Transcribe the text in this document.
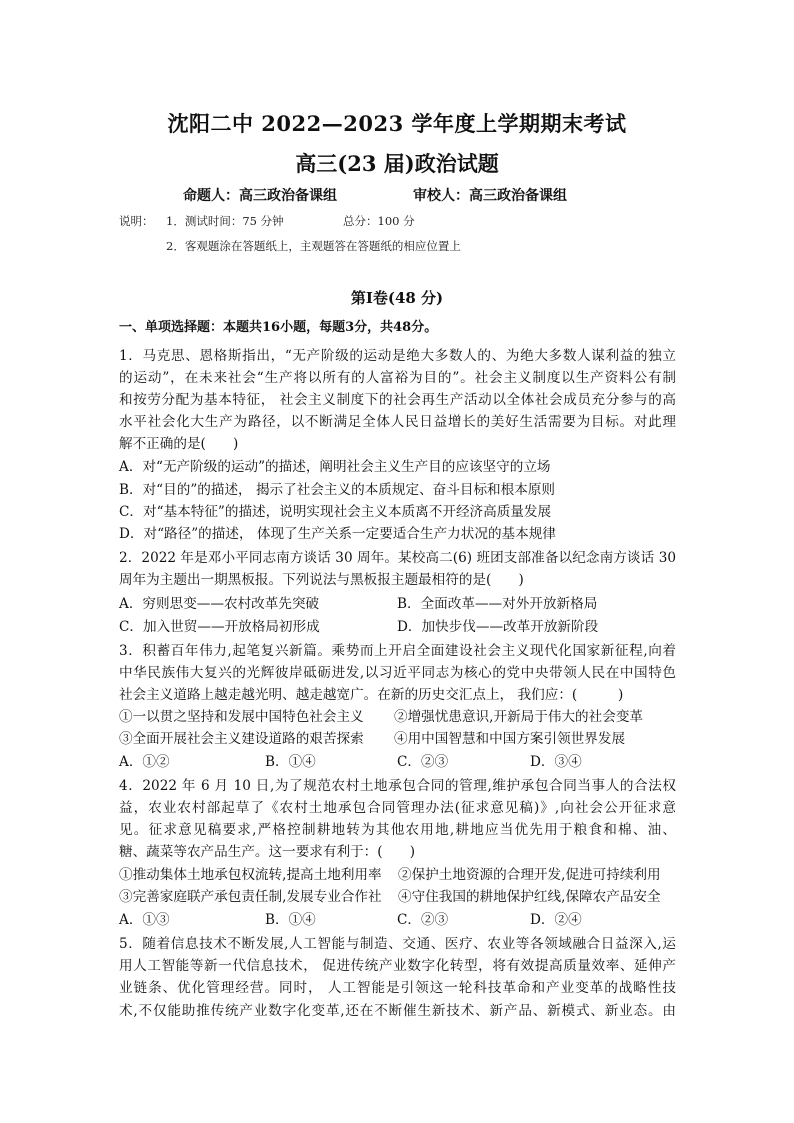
沈阳二中 2022—2023 学年度上学期期末考试
高三(23 届)政治试题
命题人：高三政治备课组	审校人：高三政治备课组
说明： 1．测试时间：75 分钟	总分：100 分
2．客观题涂在答题纸上，主观题答在答题纸的相应位置上
第Ⅰ卷(48 分)
一、单项选择题：本题共16小题，每题3分，共48分。
1．马克思、恩格斯指出，“无产阶级的运动是绝大多数人的、为绝大多数人谋利益的独立
的运动”，在未来社会“生产将以所有的人富裕为目的”。社会主义制度以生产资料公有制
和按劳分配为基本特征， 社会主义制度下的社会再生产活动以全体社会成员充分参与的高
水平社会化大生产为路径，以不断满足全体人民日益增长的美好生活需要为目标。对此理
解不正确的是(　　)
A．对“无产阶级的运动”的描述，阐明社会主义生产目的应该坚守的立场
B．对“目的”的描述， 揭示了社会主义的本质规定、奋斗目标和根本原则
C．对“基本特征”的描述，说明实现社会主义本质离不开经济高质量发展
D．对“路径”的描述， 体现了生产关系一定要适合生产力状况的基本规律
2．2022 年是邓小平同志南方谈话 30 周年。某校高二(6) 班团支部准备以纪念南方谈话 30
周年为主题出一期黑板报。下列说法与黑板报主题最相符的是(　　)
A．穷则思变——农村改革先突破	B．全面改革——对外开放新格局
C．加入世贸——开放格局初形成	D．加快步伐——改革开放新阶段
3．积蓄百年伟力,起笔复兴新篇。乘势而上开启全面建设社会主义现代化国家新征程,向着
中华民族伟大复兴的光辉彼岸砥砺进发,以习近平同志为核心的党中央带领人民在中国特色
社会主义道路上越走越光明、越走越宽广。在新的历史交汇点上， 我们应：(　　　)
①一以贯之坚持和发展中国特色社会主义 ②增强忧患意识,开新局于伟大的社会变革
③全面开展社会主义建设道路的艰苦探索 ④用中国智慧和中国方案引领世界发展
A．①②	B．①④	C．②③	D．③④
4．2022 年 6 月 10 日,为了规范农村土地承包合同的管理,维护承包合同当事人的合法权
益，农业农村部起草了《农村土地承包合同管理办法(征求意见稿)》,向社会公开征求意
见。征求意见稿要求,严格控制耕地转为其他农用地,耕地应当优先用于粮食和棉、油、
糖、蔬菜等农产品生产。这一要求有利于：(　　)
①推动集体土地承包权流转,提高土地利用率 ②保护土地资源的合理开发,促进可持续利用
③完善家庭联产承包责任制,发展专业合作社 ④守住我国的耕地保护红线,保障农产品安全
A．①③	B．①④	C．②③	D．②④
5．随着信息技术不断发展,人工智能与制造、交通、医疗、农业等各领域融合日益深入,运
用人工智能等新一代信息技术， 促进传统产业数字化转型，将有效提高质量效率、延伸产
业链条、优化管理经营。同时， 人工智能是引领这一轮科技革命和产业变革的战略性技
术,不仅能助推传统产业数字化变革,还在不断催生新技术、新产品、新模式、新业态。由
